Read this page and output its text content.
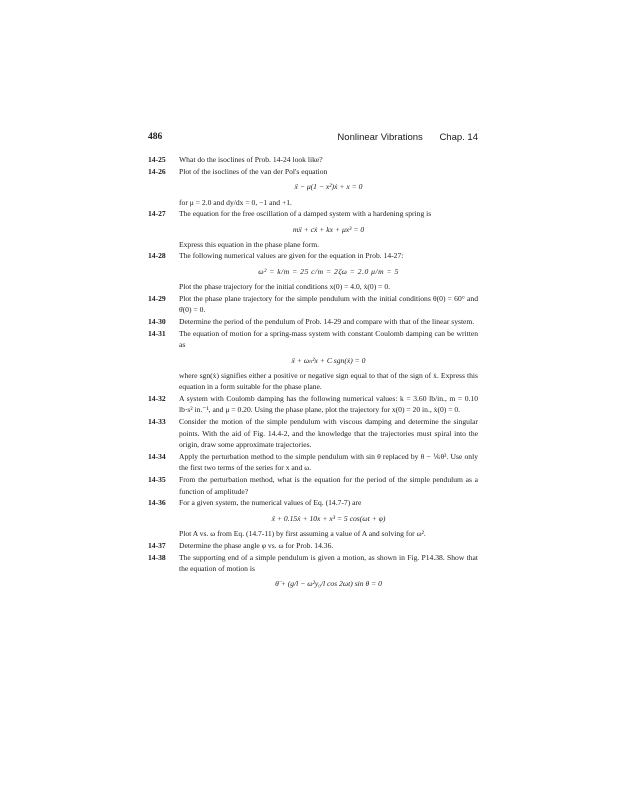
486	Nonlinear Vibrations Chap. 14
14-25 What do the isoclines of Prob. 14-24 look like?
14-26 Plot of the isoclines of the van der Pol's equation
ẍ − μ(1 − x²)ẋ + x = 0
for μ = 2.0 and dy/dx = 0, −1 and +1.
14-27 The equation for the free oscillation of a damped system with a hardening spring is
mẍ + cẋ + kx + μx³ = 0
Express this equation in the phase plane form.
14-28 The following numerical values are given for the equation in Prob. 14-27:
ω² = k/m = 25 c/m = 2ζω = 2.0 μ/m = 5
Plot the phase trajectory for the initial conditions x(0) = 4.0, ẋ(0) = 0.
14-29 Plot the phase plane trajectory for the simple pendulum with the initial conditions θ(0) = 60° and θ̇(0) = 0.
14-30 Determine the period of the pendulum of Prob. 14-29 and compare with that of the linear system.
14-31 The equation of motion for a spring-mass system with constant Coulomb damping can be written as
ẍ + ωₙ²x + C sgn(ẋ) = 0
where sgn(ẋ) signifies either a positive or negative sign equal to that of the sign of ẋ. Express this equation in a form suitable for the phase plane.
14-32 A system with Coulomb damping has the following numerical values: k = 3.60 lb/in., m = 0.10 lb·s² in.⁻¹, and μ = 0.20. Using the phase plane, plot the trajectory for x(0) = 20 in., ẋ(0) = 0.
14-33 Consider the motion of the simple pendulum with viscous damping and determine the singular points. With the aid of Fig. 14.4-2, and the knowledge that the trajectories must spiral into the origin, draw some approximate trajectories.
14-34 Apply the perturbation method to the simple pendulum with sin θ replaced by θ − ⅙θ³. Use only the first two terms of the series for x and ω.
14-35 From the perturbation method, what is the equation for the period of the simple pendulum as a function of amplitude?
14-36 For a given system, the numerical values of Eq. (14.7-7) are
ẍ + 0.15ẋ + 10x + x³ = 5 cos(ωt + φ)
Plot A vs. ω from Eq. (14.7-11) by first assuming a value of A and solving for ω².
14-37 Determine the phase angle φ vs. ω for Prob. 14.36.
14-38 The supporting end of a simple pendulum is given a motion, as shown in Fig. P14.38. Show that the equation of motion is
θ̈ + (g/l − ω²y₀/l cos 2ωt) sin θ = 0
